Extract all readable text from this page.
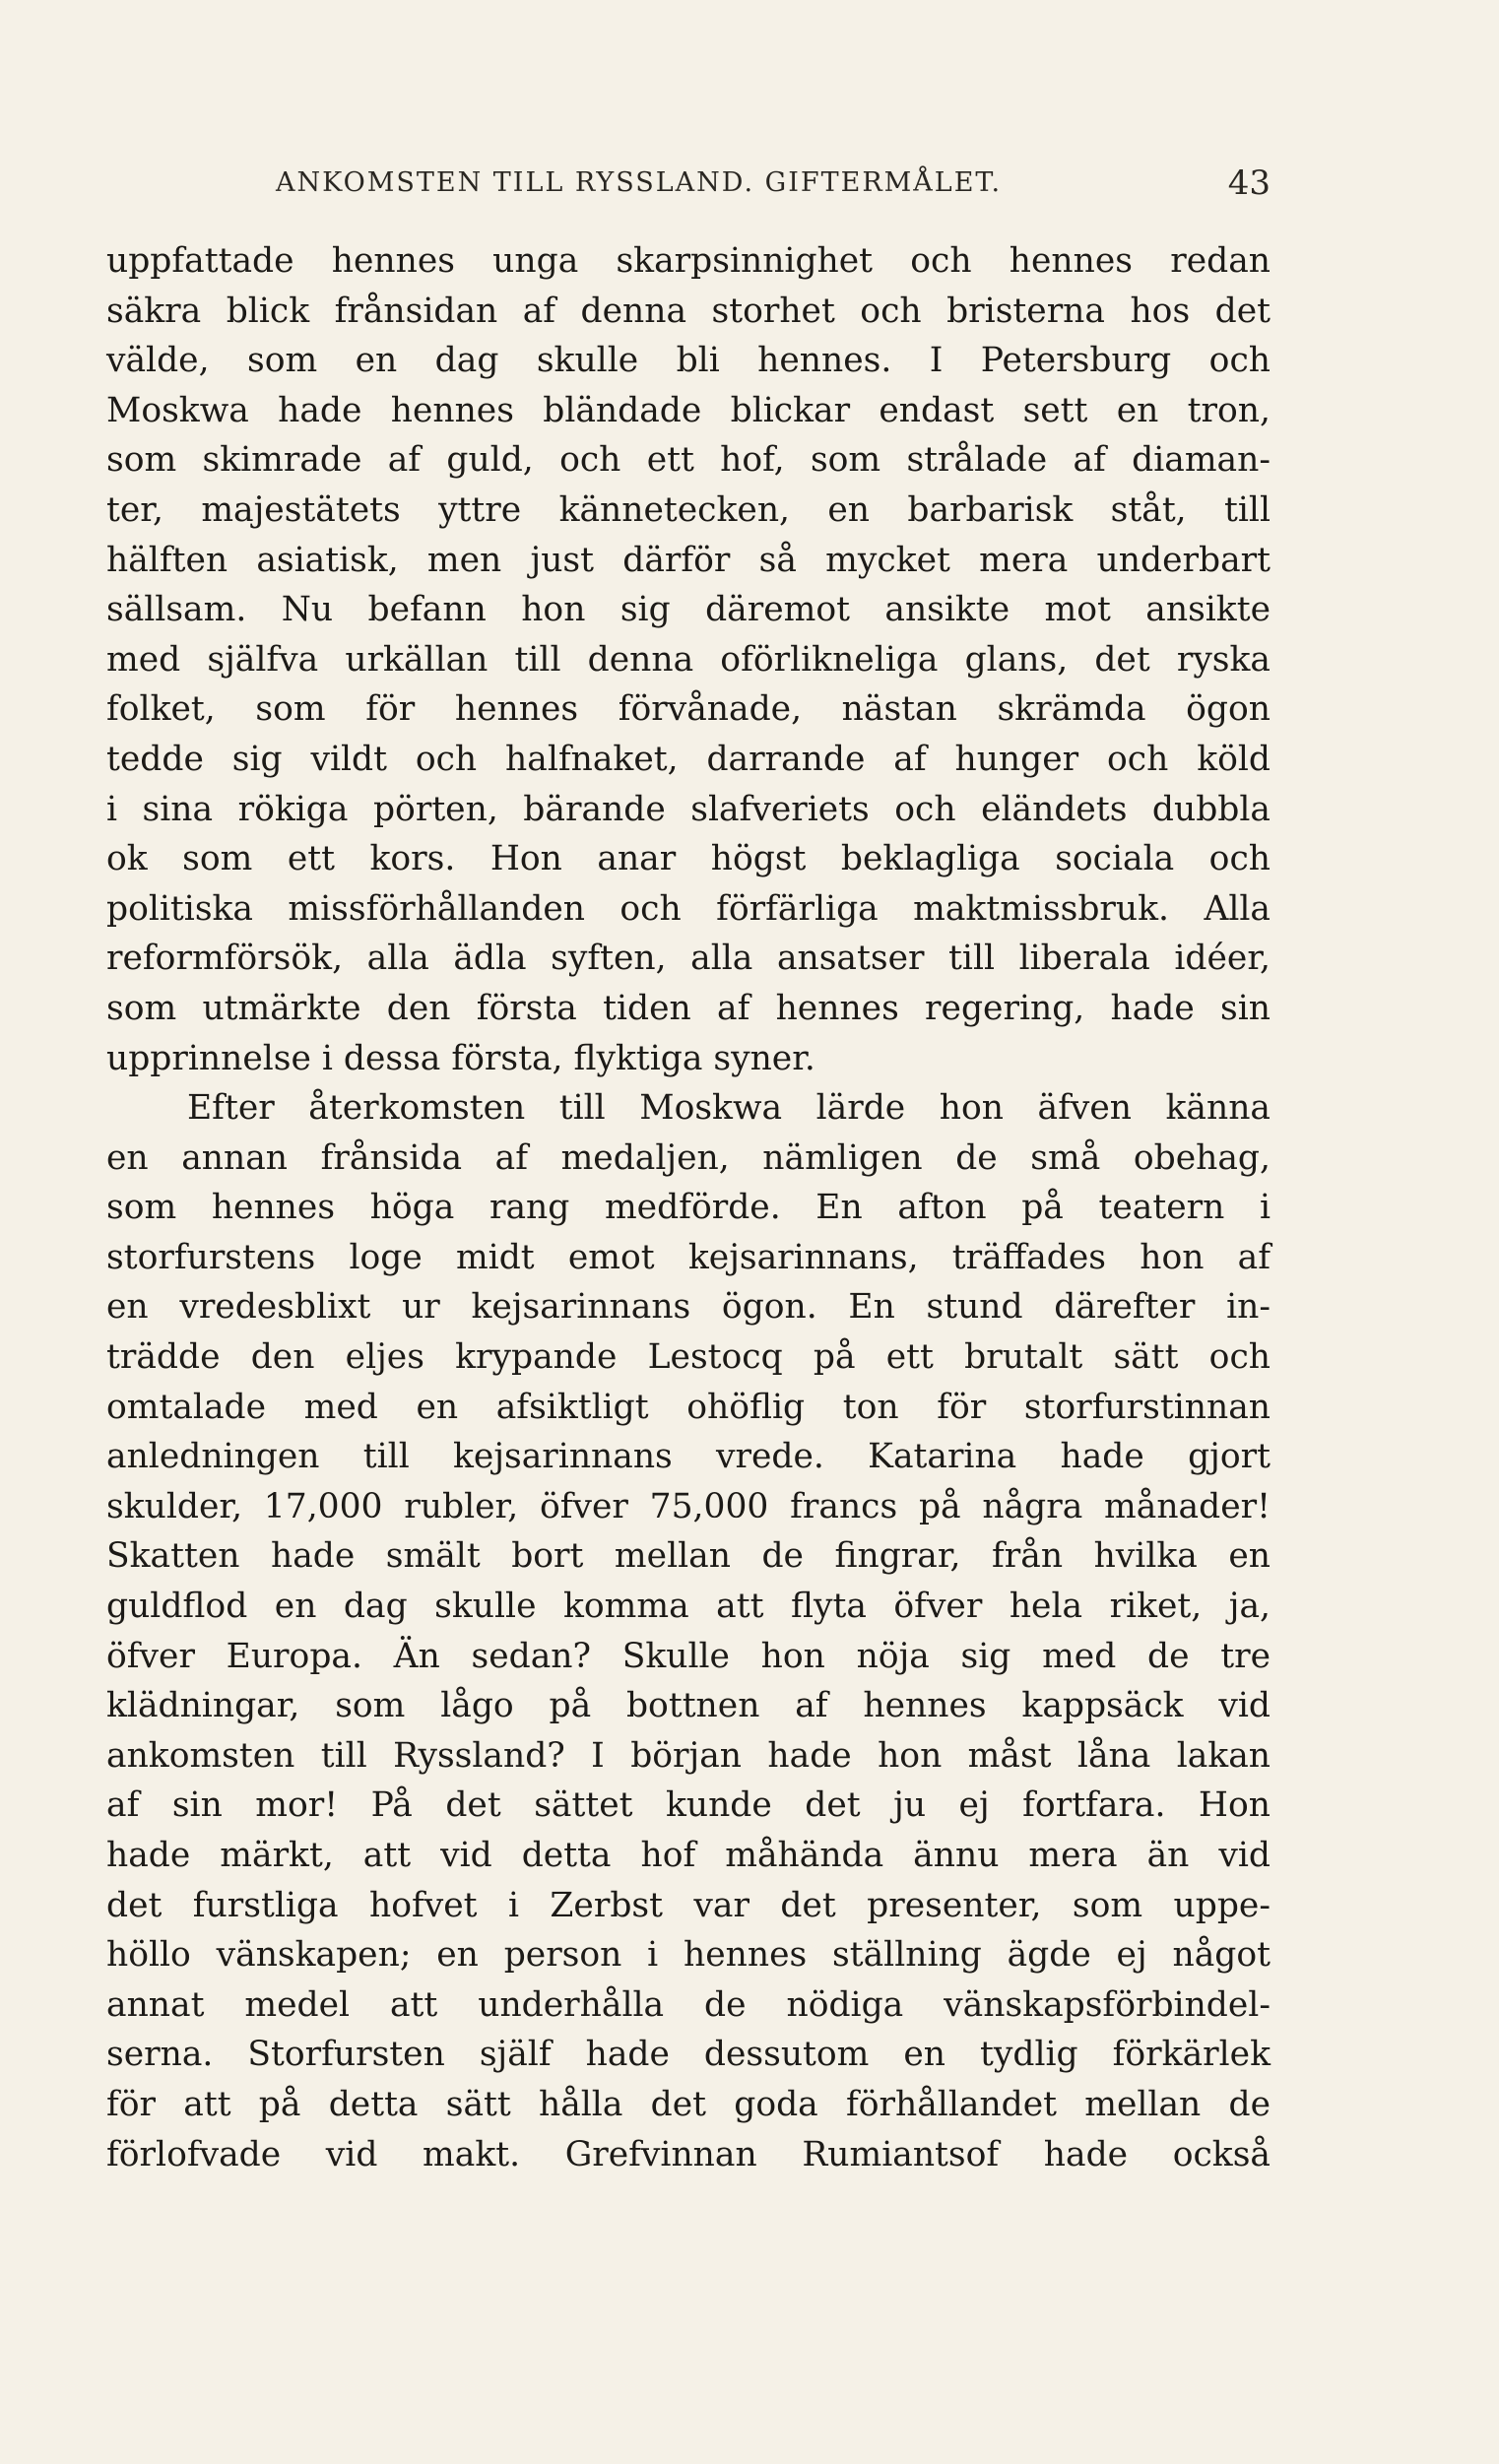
ANKOMSTEN TILL RYSSLAND. GIFTERMÅLET.	43
uppfattade hennes unga skarpsinnighet och hennes redan
säkra blick frånsidan af denna storhet och bristerna hos det
välde, som en dag skulle bli hennes. I Petersburg och
Moskwa hade hennes bländade blickar endast sett en tron,
som skimrade af guld, och ett hof, som strålade af diaman-
ter, majestätets yttre kännetecken, en barbarisk ståt, till
hälften asiatisk, men just därför så mycket mera underbart
sällsam. Nu befann hon sig däremot ansikte mot ansikte
med själfva urkällan till denna oförlikneliga glans, det ryska
folket, som för hennes förvånade, nästan skrämda ögon
tedde sig vildt och halfnaket, darrande af hunger och köld
i sina rökiga pörten, bärande slafveriets och eländets dubbla
ok som ett kors. Hon anar högst beklagliga sociala och
politiska missförhållanden och förfärliga maktmissbruk. Alla
reformförsök, alla ädla syften, alla ansatser till liberala idéer,
som utmärkte den första tiden af hennes regering, hade sin
upprinnelse i dessa första, flyktiga syner.
Efter återkomsten till Moskwa lärde hon äfven känna
en annan frånsida af medaljen, nämligen de små obehag,
som hennes höga rang medförde. En afton på teatern i
storfurstens loge midt emot kejsarinnans, träffades hon af
en vredesblixt ur kejsarinnans ögon. En stund därefter in-
trädde den eljes krypande Lestocq på ett brutalt sätt och
omtalade med en afsiktligt ohöflig ton för storfurstinnan
anledningen till kejsarinnans vrede. Katarina hade gjort
skulder, 17,000 rubler, öfver 75,000 francs på några månader!
Skatten hade smält bort mellan de fingrar, från hvilka en
guldflod en dag skulle komma att flyta öfver hela riket, ja,
öfver Europa. Än sedan? Skulle hon nöja sig med de tre
klädningar, som lågo på bottnen af hennes kappsäck vid
ankomsten till Ryssland? I början hade hon måst låna lakan
af sin mor! På det sättet kunde det ju ej fortfara. Hon
hade märkt, att vid detta hof måhända ännu mera än vid
det furstliga hofvet i Zerbst var det presenter, som uppe-
höllo vänskapen; en person i hennes ställning ägde ej något
annat medel att underhålla de nödiga vänskapsförbindel-
serna. Storfursten själf hade dessutom en tydlig förkärlek
för att på detta sätt hålla det goda förhållandet mellan de
förlofvade vid makt. Grefvinnan Rumiantsof hade också
